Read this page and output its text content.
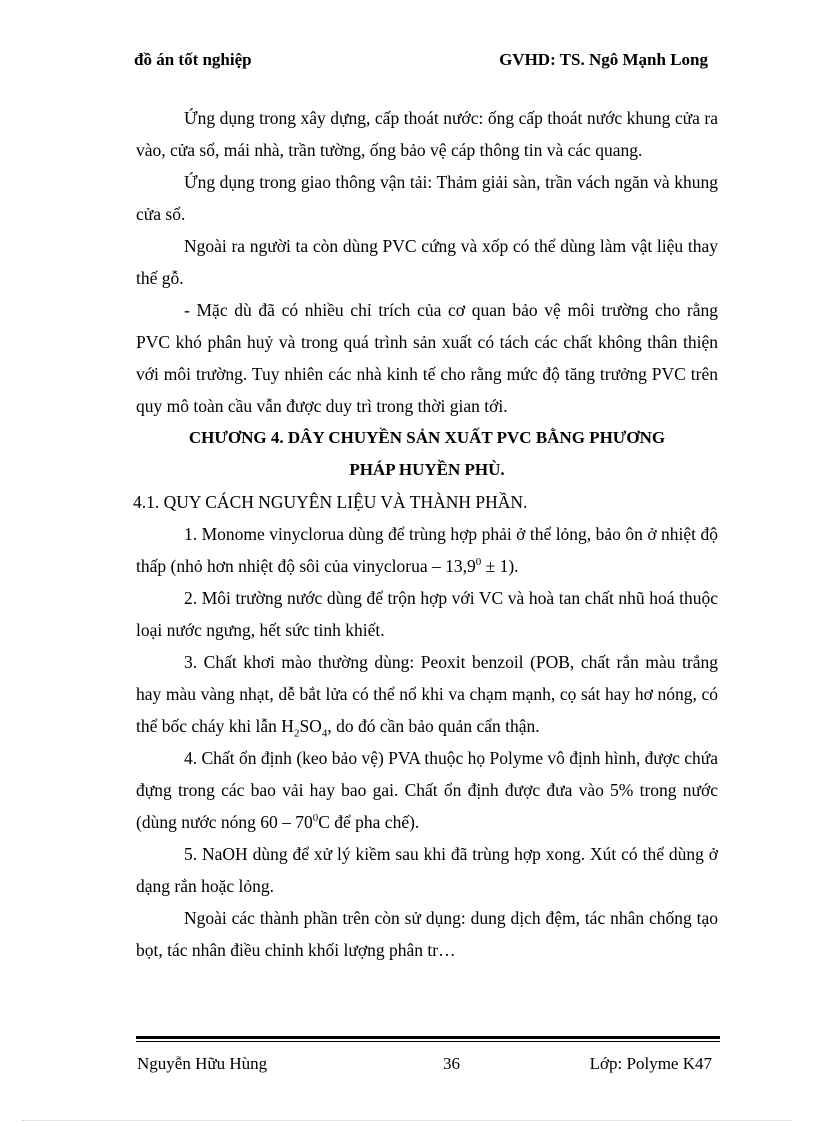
đồ án tốt nghiệp	GVHD: TS. Ngô Mạnh Long

Ứng dụng trong xây dựng, cấp thoát nước: ống cấp thoát nước khung cửa ra vào, cửa sổ, mái nhà, trần tường, ống bảo vệ cáp thông tin và các quang.

Ứng dụng trong giao thông vận tải: Thảm giải sàn, trần vách ngăn và khung cửa sổ.

Ngoài ra người ta còn dùng PVC cứng và xốp có thể dùng làm vật liệu thay thế gỗ.

- Mặc dù đã có nhiều chỉ trích của cơ quan bảo vệ môi trường cho rằng PVC khó phân huỷ và trong quá trình sản xuất có tách các chất không thân thiện với môi trường. Tuy nhiên các nhà kinh tế cho rằng mức độ tăng trưởng PVC trên quy mô toàn cầu vẫn được duy trì trong thời gian tới.

CHƯƠNG 4. DÂY CHUYỀN SẢN XUẤT PVC BẰNG PHƯƠNG

PHÁP HUYỀN PHÙ.

4.1. QUY CÁCH NGUYÊN LIỆU VÀ THÀNH PHẦN.

1. Monome vinyclorua dùng để trùng hợp phải ở thể lỏng, bảo ôn ở nhiệt độ thấp (nhỏ hơn nhiệt độ sôi của vinyclorua – $13,9^0 \pm 1$).

2. Môi trường nước dùng để trộn hợp với VC và hoà tan chất nhũ hoá thuộc loại nước ngưng, hết sức tinh khiết.

3. Chất khơi mào thường dùng: Peoxit benzoil (POB, chất rắn màu trắng hay màu vàng nhạt, dễ bắt lửa có thể nổ khi va chạm mạnh, cọ sát hay hơ nóng, có thể bốc cháy khi lẫn $H_2SO_4$, do đó cần bảo quản cẩn thận.

4. Chất ổn định (keo bảo vệ) PVA thuộc họ Polyme vô định hình, được chứa đựng trong các bao vải hay bao gai. Chất ổn định được đưa vào 5% trong nước (dùng nước nóng $60 - 70^0C$ để pha chế).

5. NaOH dùng để xử lý kiềm sau khi đã trùng hợp xong. Xút có thể dùng ở dạng rắn hoặc lỏng.

Ngoài các thành phần trên còn sử dụng: dung dịch đệm, tác nhân chống tạo bọt, tác nhân điều chỉnh khối lượng phân tr…

Nguyễn Hữu Hùng	36	Lớp: Polyme K47
